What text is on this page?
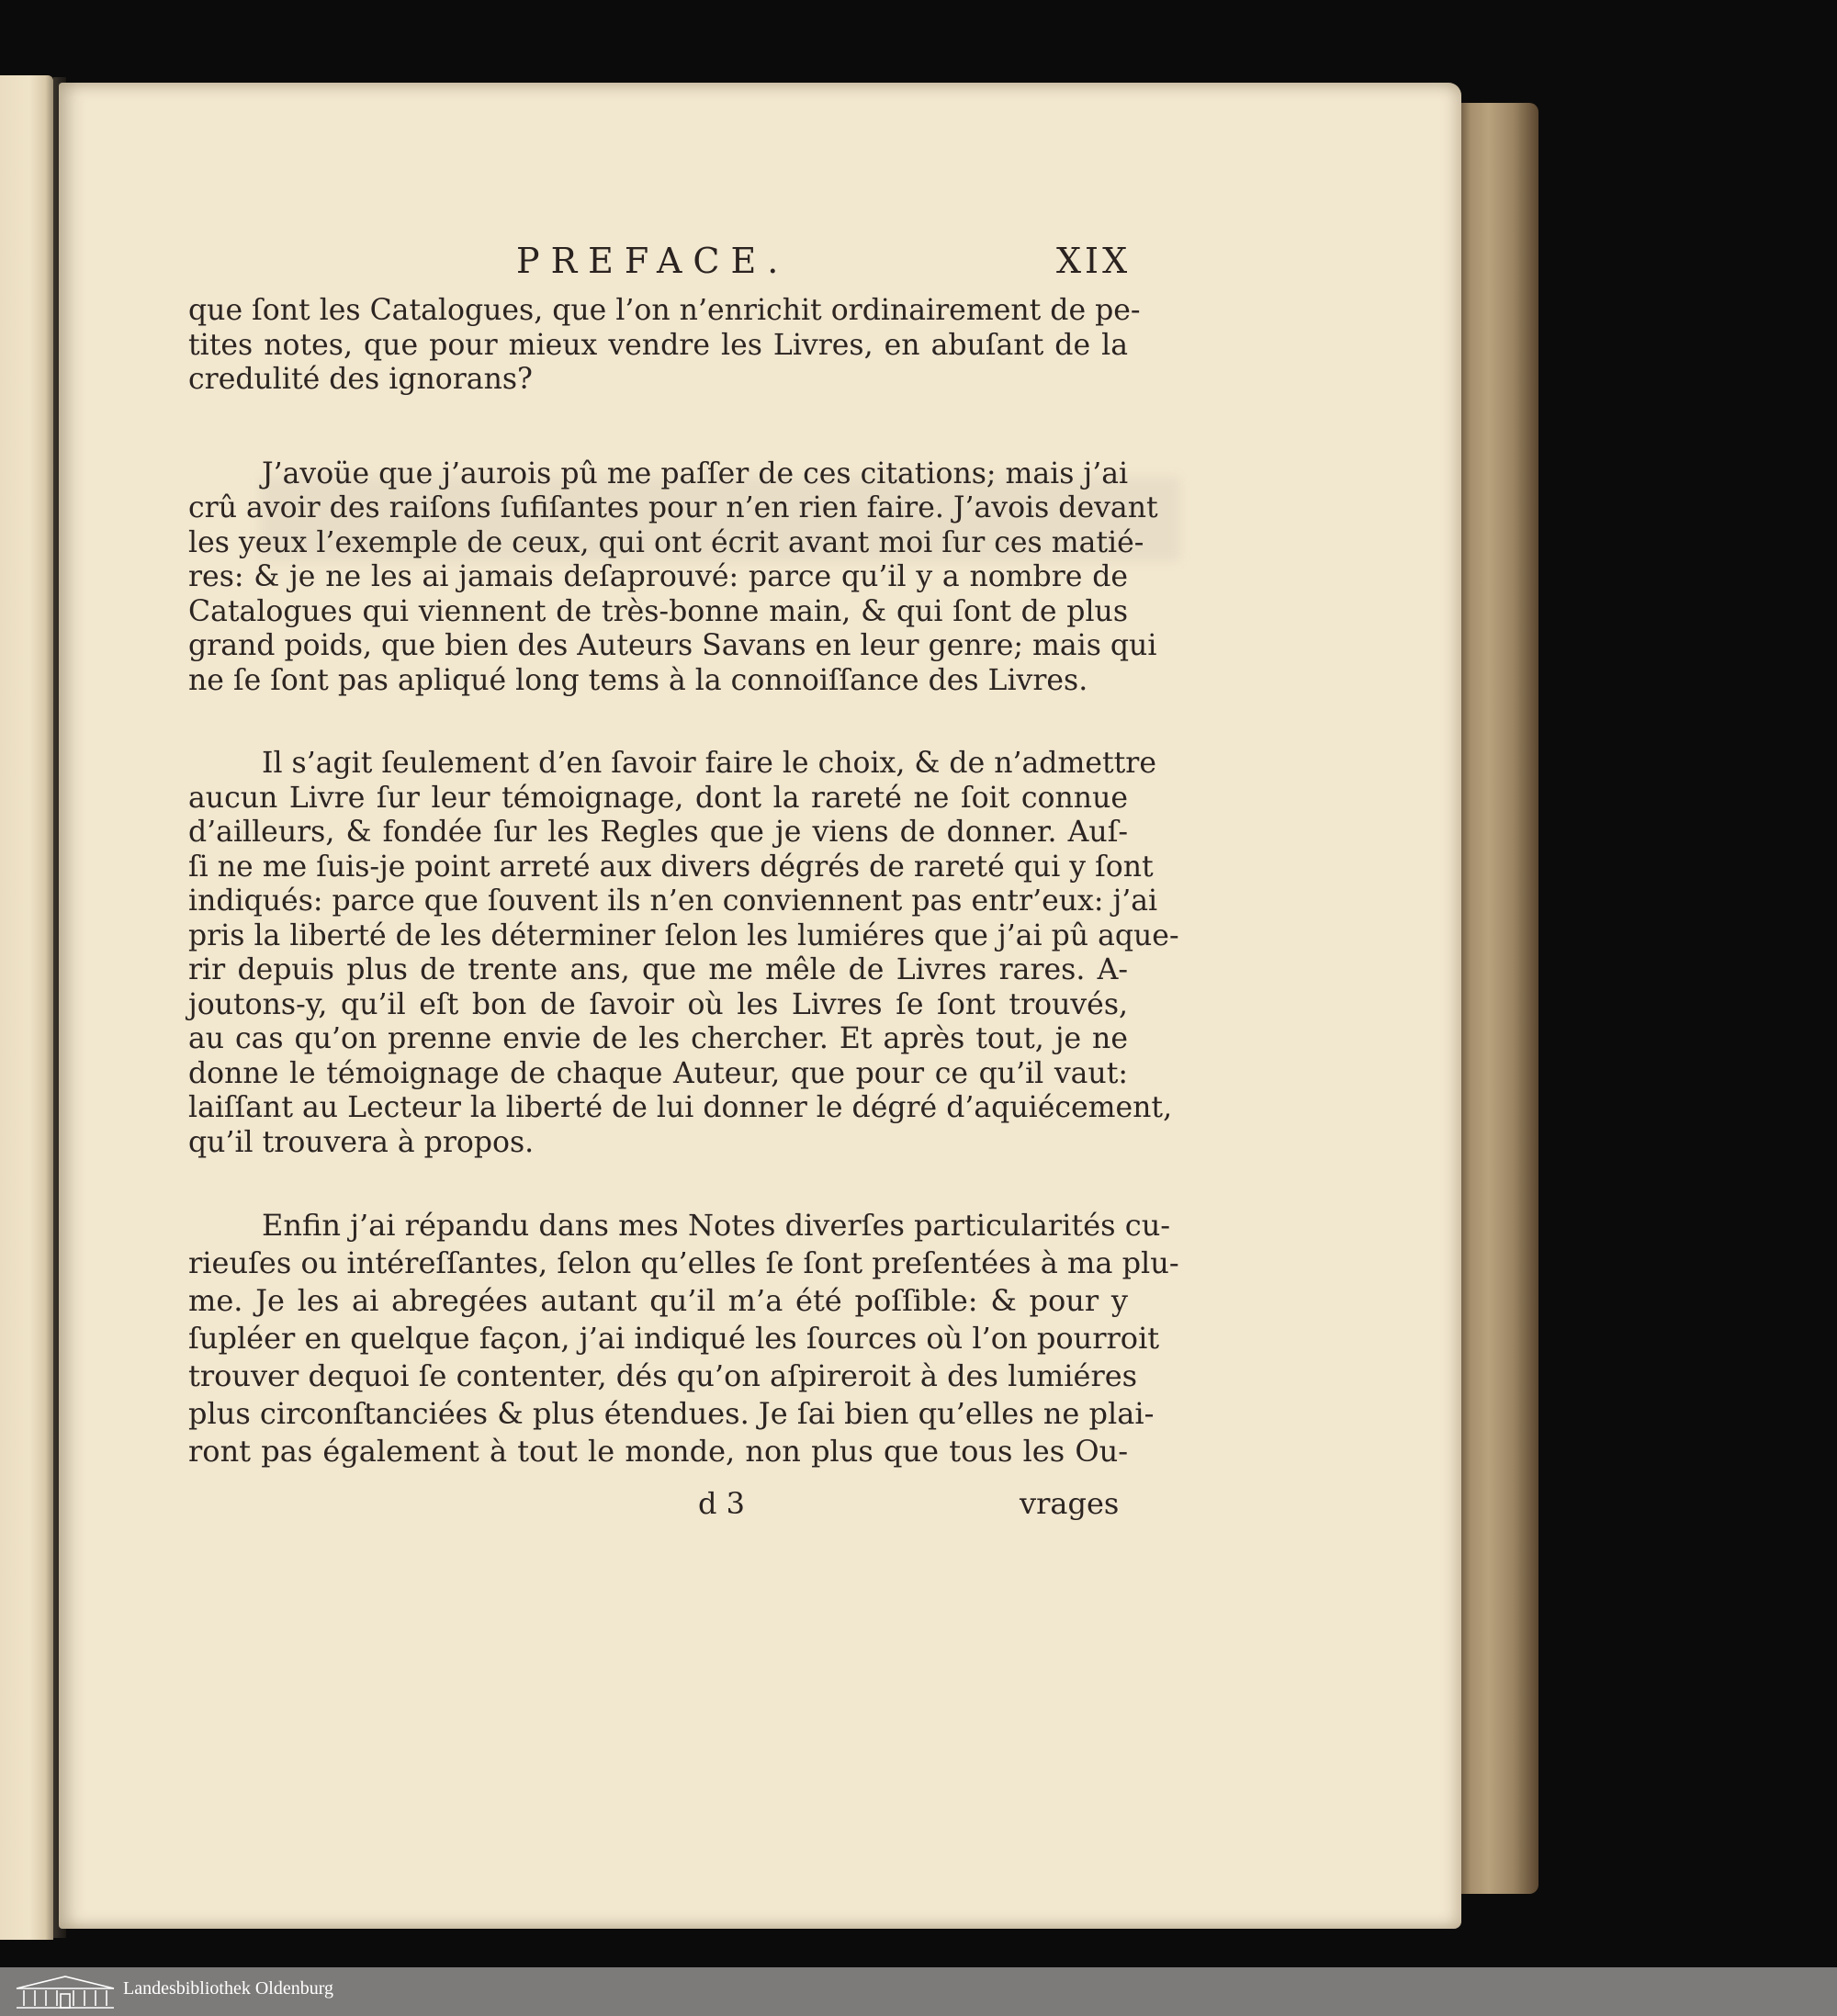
PREFACE.	XIX
que ſont les Catalogues, que l’on n’enrichit ordinairement de pe-
tites notes, que pour mieux vendre les Livres, en abuſant de la
credulité des ignorans?
J’avoüe que j’aurois pû me paſſer de ces citations; mais j’ai
crû avoir des raiſons ſufiſantes pour n’en rien faire. J’avois devant
les yeux l’exemple de ceux, qui ont écrit avant moi ſur ces matié-
res: & je ne les ai jamais deſaprouvé: parce qu’il y a nombre de
Catalogues qui viennent de très-bonne main, & qui ſont de plus
grand poids, que bien des Auteurs Savans en leur genre; mais qui
ne ſe ſont pas apliqué long tems à la connoiſſance des Livres.
Il s’agit ſeulement d’en ſavoir faire le choix, & de n’admettre
aucun Livre ſur leur témoignage, dont la rareté ne ſoit connue
d’ailleurs, & fondée ſur les Regles que je viens de donner. Auſ-
ſi ne me ſuis-je point arreté aux divers dégrés de rareté qui y ſont
indiqués: parce que ſouvent ils n’en conviennent pas entr’eux: j’ai
pris la liberté de les déterminer ſelon les lumiéres que j’ai pû aque-
rir depuis plus de trente ans, que me mêle de Livres rares. A-
joutons-y, qu’il eſt bon de ſavoir où les Livres ſe ſont trouvés,
au cas qu’on prenne envie de les chercher. Et après tout, je ne
donne le témoignage de chaque Auteur, que pour ce qu’il vaut:
laiſſant au Lecteur la liberté de lui donner le dégré d’aquiécement,
qu’il trouvera à propos.
Enfin j’ai répandu dans mes Notes diverſes particularités cu-
rieuſes ou intéreſſantes, ſelon qu’elles ſe ſont preſentées à ma plu-
me. Je les ai abregées autant qu’il m’a été poſſible: & pour y
ſupléer en quelque façon, j’ai indiqué les ſources où l’on pourroit
trouver dequoi ſe contenter, dés qu’on aſpireroit à des lumiéres
plus circonſtanciées & plus étendues. Je ſai bien qu’elles ne plai-
ront pas également à tout le monde, non plus que tous les Ou-
d 3	vrages
Landesbibliothek Oldenburg
